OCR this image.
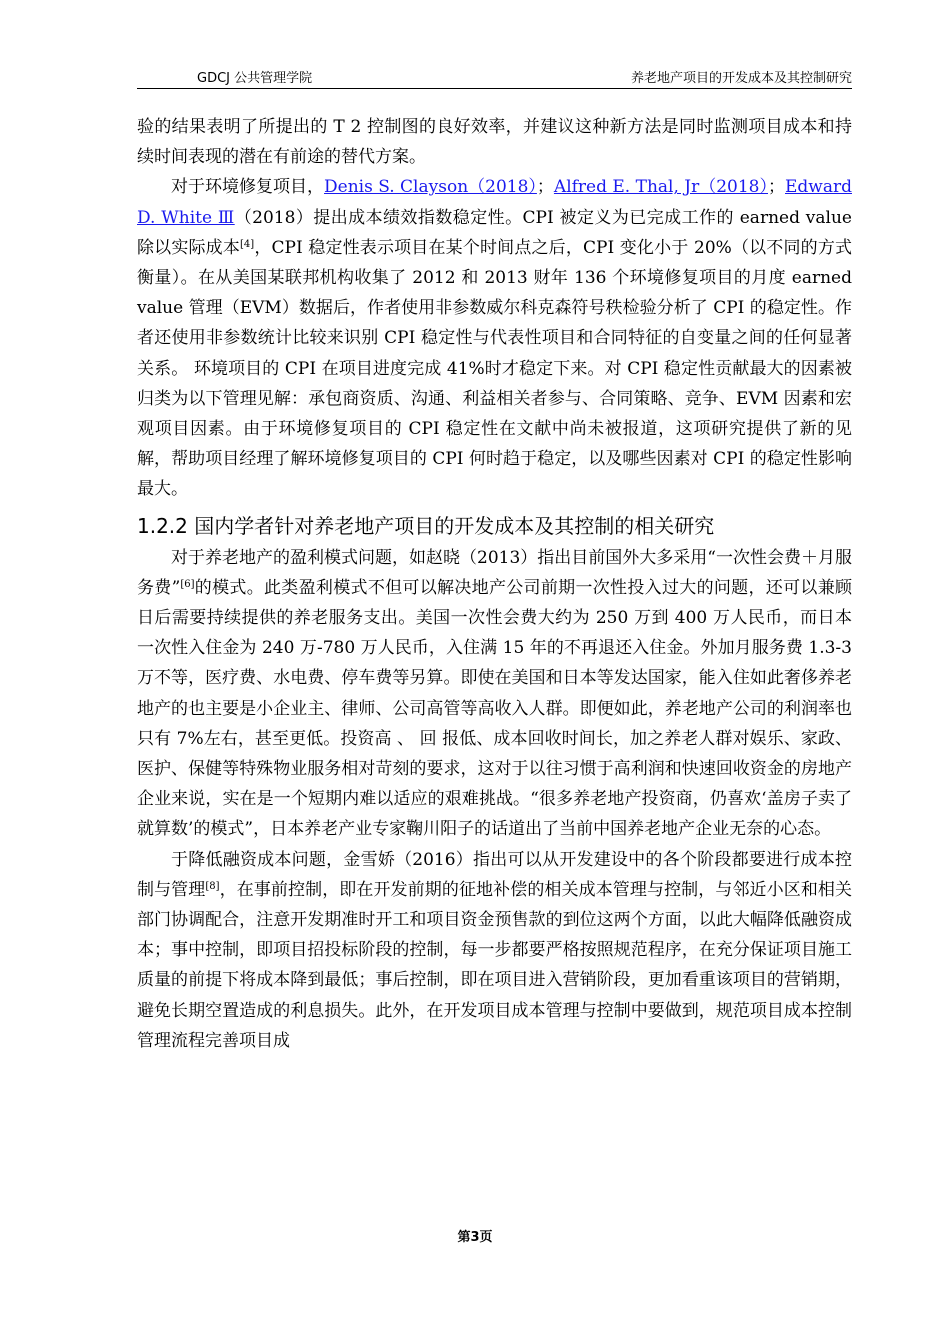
GDCJ 公共管理学院	养老地产项目的开发成本及其控制研究

验的结果表明了所提出的 T 2 控制图的良好效率，并建议这种新方法是同时监测项目成本和持续时间表现的潜在有前途的替代方案。

对于环境修复项目，Denis S. Clayson（2018）；Alfred E. Thal, Jr（2018）；Edward D. White Ⅲ（2018）提出成本绩效指数稳定性。CPI 被定义为已完成工作的 earned value 除以实际成本[4]，CPI 稳定性表示项目在某个时间点之后，CPI 变化小于 20%（以不同的方式衡量）。在从美国某联邦机构收集了 2012 和 2013 财年 136 个环境修复项目的月度 earned value 管理（EVM）数据后，作者使用非参数威尔科克森符号秩检验分析了 CPI 的稳定性。作者还使用非参数统计比较来识别 CPI 稳定性与代表性项目和合同特征的自变量之间的任何显著关系。 环境项目的 CPI 在项目进度完成 41%时才稳定下来。对 CPI 稳定性贡献最大的因素被归类为以下管理见解：承包商资质、沟通、利益相关者参与、合同策略、竞争、EVM 因素和宏观项目因素。由于环境修复项目的 CPI 稳定性在文献中尚未被报道，这项研究提供了新的见解，帮助项目经理了解环境修复项目的 CPI 何时趋于稳定，以及哪些因素对 CPI 的稳定性影响最大。

1.2.2 国内学者针对养老地产项目的开发成本及其控制的相关研究

对于养老地产的盈利模式问题，如赵晓（2013）指出目前国外大多采用“一次性会费＋月服务费”[6]的模式。此类盈利模式不但可以解决地产公司前期一次性投入过大的问题，还可以兼顾日后需要持续提供的养老服务支出。美国一次性会费大约为 250 万到 400 万人民币，而日本一次性入住金为 240 万-780 万人民币，入住满 15 年的不再退还入住金。外加月服务费 1.3-3 万不等，医疗费、水电费、停车费等另算。即使在美国和日本等发达国家，能入住如此奢侈养老地产的也主要是小企业主、律师、公司高管等高收入人群。即便如此，养老地产公司的利润率也只有 7%左右，甚至更低。投资高 、 回 报低、成本回收时间长，加之养老人群对娱乐、家政、医护、保健等特殊物业服务相对苛刻的要求，这对于以往习惯于高利润和快速回收资金的房地产企业来说，实在是一个短期内难以适应的艰难挑战。“很多养老地产投资商，仍喜欢‘盖房子卖了就算数’的模式”，日本养老产业专家鞠川阳子的话道出了当前中国养老地产企业无奈的心态。

于降低融资成本问题，金雪娇（2016）指出可以从开发建设中的各个阶段都要进行成本控制与管理[8]，在事前控制，即在开发前期的征地补偿的相关成本管理与控制，与邻近小区和相关部门协调配合，注意开发期准时开工和项目资金预售款的到位这两个方面，以此大幅降低融资成本；事中控制，即项目招投标阶段的控制，每一步都要严格按照规范程序，在充分保证项目施工质量的前提下将成本降到最低；事后控制，即在项目进入营销阶段，更加看重该项目的营销期，避免长期空置造成的利息损失。此外，在开发项目成本管理与控制中要做到，规范项目成本控制管理流程完善项目成

第3页
